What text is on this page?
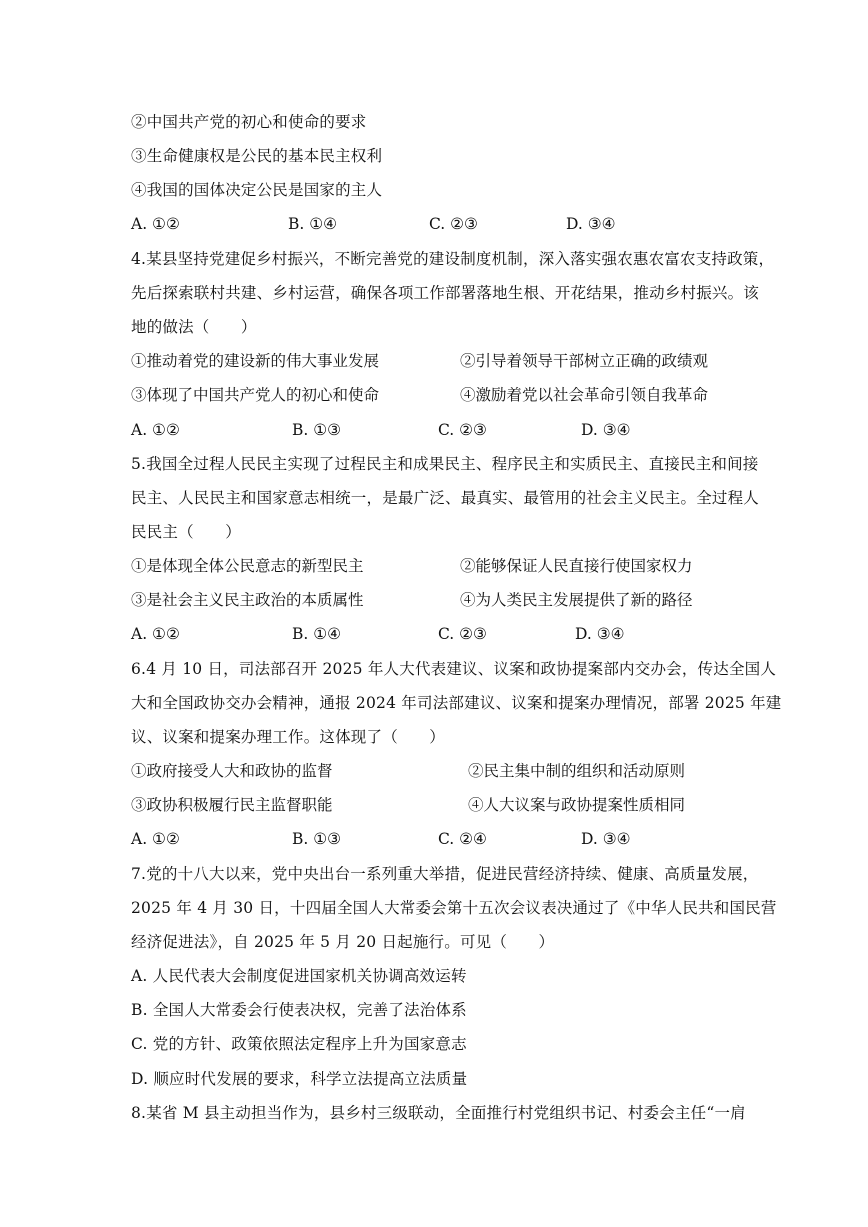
②中国共产党的初心和使命的要求
③生命健康权是公民的基本民主权利
④我国的国体决定公民是国家的主人
A. ①②	B. ①④	C. ②③	D. ③④
4.某县坚持党建促乡村振兴，不断完善党的建设制度机制，深入落实强农惠农富农支持政策，
先后探索联村共建、乡村运营，确保各项工作部署落地生根、开花结果，推动乡村振兴。该
地的做法（　　）
①推动着党的建设新的伟大事业发展	②引导着领导干部树立正确的政绩观
③体现了中国共产党人的初心和使命	④激励着党以社会革命引领自我革命
A. ①②	B. ①③	C. ②③	D. ③④
5.我国全过程人民民主实现了过程民主和成果民主、程序民主和实质民主、直接民主和间接
民主、人民民主和国家意志相统一，是最广泛、最真实、最管用的社会主义民主。全过程人
民民主（　　）
①是体现全体公民意志的新型民主	②能够保证人民直接行使国家权力
③是社会主义民主政治的本质属性	④为人类民主发展提供了新的路径
A. ①②	B. ①④	C. ②③	D. ③④
6.4 月 10 日，司法部召开 2025 年人大代表建议、议案和政协提案部内交办会，传达全国人
大和全国政协交办会精神，通报 2024 年司法部建议、议案和提案办理情况，部署 2025 年建
议、议案和提案办理工作。这体现了（　　）
①政府接受人大和政协的监督	②民主集中制的组织和活动原则
③政协积极履行民主监督职能	④人大议案与政协提案性质相同
A. ①②	B. ①③	C. ②④	D. ③④
7.党的十八大以来，党中央出台一系列重大举措，促进民营经济持续、健康、高质量发展，
2025 年 4 月 30 日，十四届全国人大常委会第十五次会议表决通过了《中华人民共和国民营
经济促进法》，自 2025 年 5 月 20 日起施行。可见（　　）
A. 人民代表大会制度促进国家机关协调高效运转
B. 全国人大常委会行使表决权，完善了法治体系
C. 党的方针、政策依照法定程序上升为国家意志
D. 顺应时代发展的要求，科学立法提高立法质量
8.某省 M 县主动担当作为，县乡村三级联动，全面推行村党组织书记、村委会主任“一肩
